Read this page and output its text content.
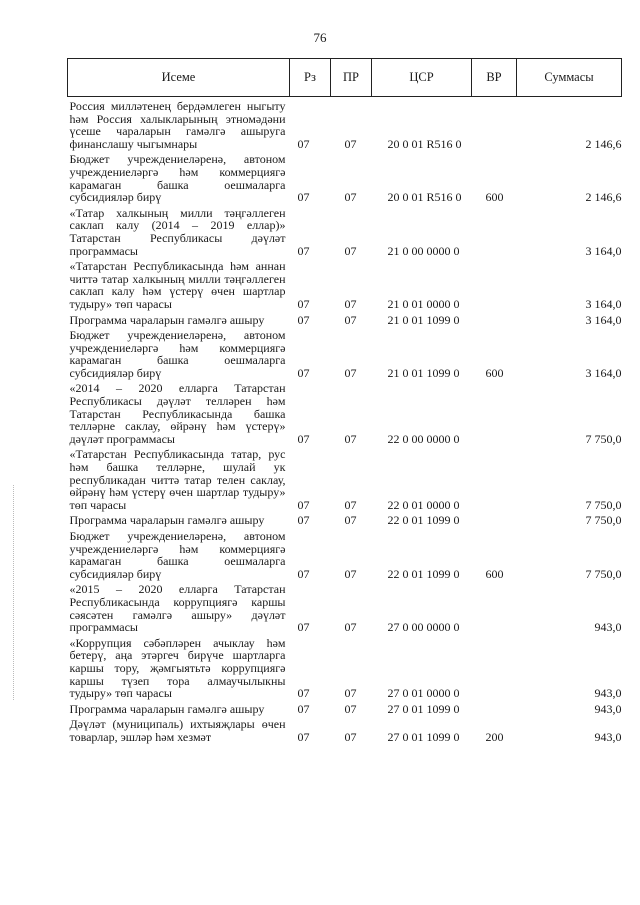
76
Исеме	Рз	ПР	ЦСР	ВР	Суммасы
Россия милләтенең бердәмлеген ныгыту һәм Россия халыкларының этномәдәни үсеше чараларын гамәлгә ашыруга финанслашу чыгымнары	07	07	20 0 01 R516 0		2 146,6
Бюджет учреждениеләренә, автоном учреждениеләргә һәм коммерциягә карамаган башка оешмаларга субсидияләр бирү	07	07	20 0 01 R516 0	600	2 146,6
«Татар халкының милли тәңгәллеген саклап калу (2014 – 2019 еллар)» Татарстан Республикасы дәүләт программасы	07	07	21 0 00 0000 0		3 164,0
«Татарстан Республикасында һәм аннан читтә татар халкының милли тәңгәллеген саклап калу һәм үстерү өчен шартлар тудыру» төп чарасы	07	07	21 0 01 0000 0		3 164,0
Программа чараларын гамәлгә ашыру	07	07	21 0 01 1099 0		3 164,0
Бюджет учреждениеләренә, автоном учреждениеләргә һәм коммерциягә карамаган башка оешмаларга субсидияләр бирү	07	07	21 0 01 1099 0	600	3 164,0
«2014 – 2020 елларга Татарстан Республикасы дәүләт телләрен һәм Татарстан Республикасында башка телләрне саклау, өйрәнү һәм үстерү» дәүләт программасы	07	07	22 0 00 0000 0		7 750,0
«Татарстан Республикасында татар, рус һәм башка телләрне, шулай ук республикадан читтә татар телен саклау, өйрәнү һәм үстерү өчен шартлар тудыру» төп чарасы	07	07	22 0 01 0000 0		7 750,0
Программа чараларын гамәлгә ашыру	07	07	22 0 01 1099 0		7 750,0
Бюджет учреждениеләренә, автоном учреждениеләргә һәм коммерциягә карамаган башка оешмаларга субсидияләр бирү	07	07	22 0 01 1099 0	600	7 750,0
«2015 – 2020 елларга Татарстан Республикасында коррупциягә каршы сәясәтен гамәлгә ашыру» дәүләт программасы	07	07	27 0 00 0000 0		943,0
«Коррупция сәбәпләрен ачыклау һәм бетерү, аңа этәргеч бирүче шартларга каршы тору, җәмгыятьтә коррупциягә каршы түзеп тора алмаучылыкны тудыру» төп чарасы	07	07	27 0 01 0000 0		943,0
Программа чараларын гамәлгә ашыру	07	07	27 0 01 1099 0		943,0
Дәүләт (муниципаль) ихтыяҗлары өчен товарлар, эшләр һәм хезмәт	07	07	27 0 01 1099 0	200	943,0
